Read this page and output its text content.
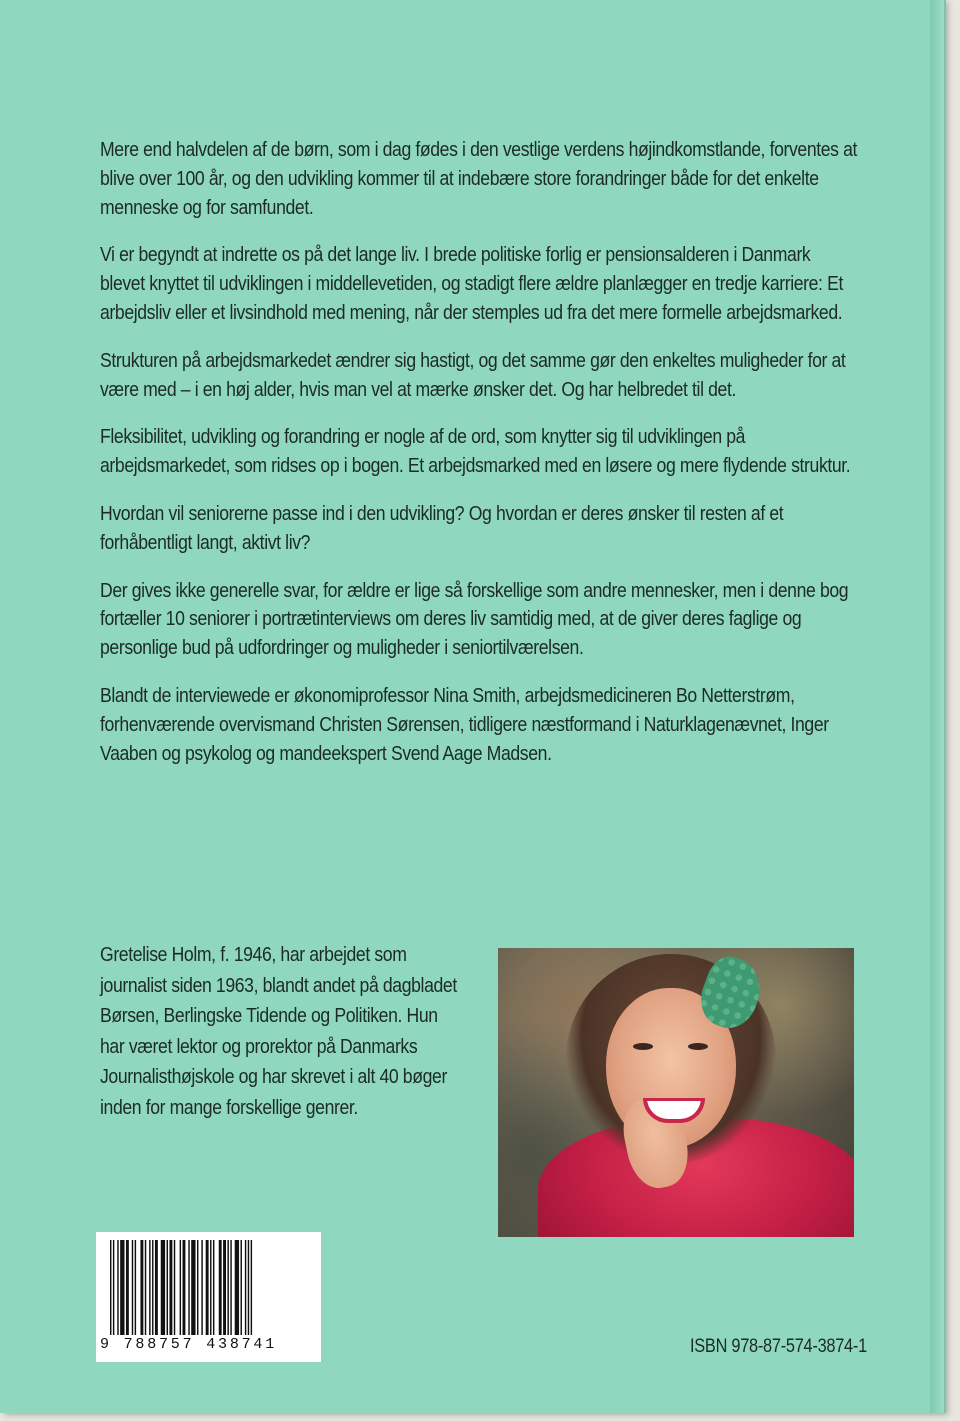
Mere end halvdelen af de børn, som i dag fødes i den vestlige verdens højindkomstlande, forventes at blive over 100 år, og den udvikling kommer til at indebære store forandringer både for det enkelte menneske og for samfundet.

Vi er begyndt at indrette os på det lange liv. I brede politiske forlig er pensionsalderen i Danmark blevet knyttet til udviklingen i middellevetiden, og stadigt flere ældre planlægger en tredje karriere: Et arbejdsliv eller et livsindhold med mening, når der stemples ud fra det mere formelle arbejdsmarked.

Strukturen på arbejdsmarkedet ændrer sig hastigt, og det samme gør den enkeltes muligheder for at være med – i en høj alder, hvis man vel at mærke ønsker det. Og har helbredet til det.

Fleksibilitet, udvikling og forandring er nogle af de ord, som knytter sig til udviklingen på arbejdsmarkedet, som ridses op i bogen. Et arbejdsmarked med en løsere og mere flydende struktur.

Hvordan vil seniorerne passe ind i den udvikling? Og hvordan er deres ønsker til resten af et forhåbentligt langt, aktivt liv?

Der gives ikke generelle svar, for ældre er lige så forskellige som andre mennesker, men i denne bog fortæller 10 seniorer i portrætinterviews om deres liv samtidig med, at de giver deres faglige og personlige bud på udfordringer og muligheder i seniortilværelsen.

Blandt de interviewede er økonomiprofessor Nina Smith, arbejdsmedicineren Bo Netterstrøm, forhenværende overvismand Christen Sørensen, tidligere næstformand i Naturklagenævnet, Inger Vaaben og psykolog og mandeekspert Svend Aage Madsen.

Gretelise Holm, f. 1946, har arbejdet som journalist siden 1963, blandt andet på dagbladet Børsen, Berlingske Tidende og Politiken. Hun har været lektor og prorektor på Danmarks Journalisthøjskole og har skrevet i alt 40 bøger inden for mange forskellige genrer.

9 788757 438741	ISBN 978-87-574-3874-1
